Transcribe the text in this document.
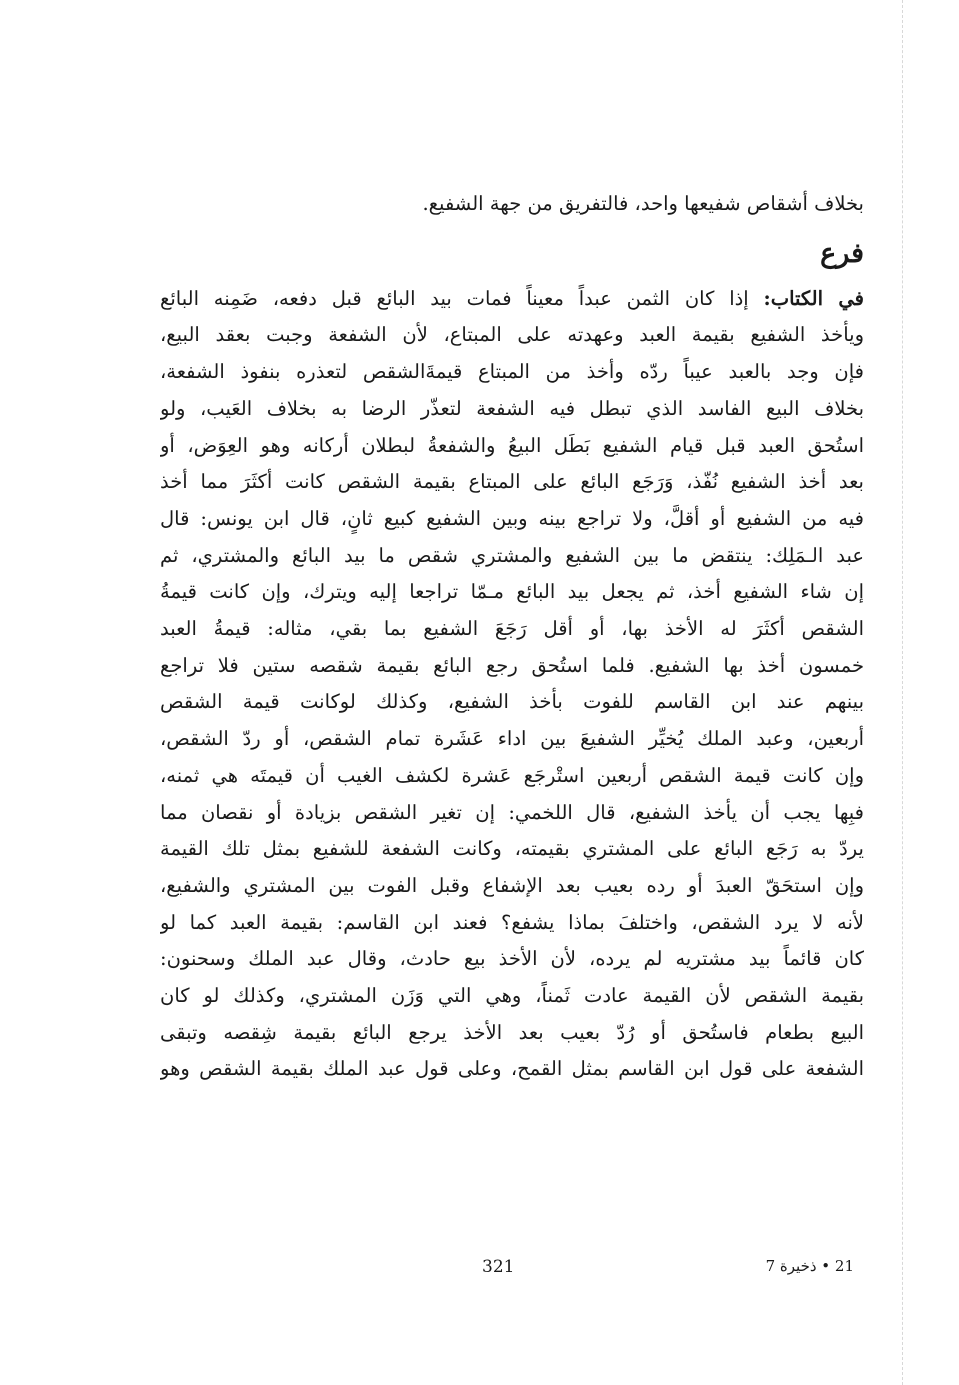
بخلاف أشقاص شفيعها واحد، فالتفريق من جهة الشفيع.
فرع
في الكتاب: إذا كان الثمن عبداً معيناً فمات بيد البائع قبل دفعه، ضَمِنه البائع
ويأخذ الشفيع بقيمة العبد وعهدته على المبتاع، لأن الشفعة وجبت بعقد البيع،
فإن وجد بالعبد عيباً ردّه وأخذ من المبتاع قيمةَالشقص لتعذره بنفوذ الشفعة،
بخلاف البيع الفاسد الذي تبطل فيه الشفعة لتعذّر الرضا به بخلاف العَيب، ولو
استُحق العبد قبل قيام الشفيع بَطَل البيعُ والشفعةُ لبطلان أركانه وهو العِوَض، أو
بعد أخذ الشفيع نُفّذ، وَرَجَع البائع على المبتاع بقيمة الشقص كانت أكثَرَ مما أخذ
فيه من الشفيع أو أقلَّ، ولا تراجع بينه وبين الشفيع كبيع ثانٍ، قال ابن يونس: قال
عبد الـمَلِك: ينتقض ما بين الشفيع والمشتري شقص ما بيد البائع والمشتري، ثم
إن شاء الشفيع أخذ، ثم يجعل بيد البائع مـمّا تراجعا إليه ويترك، وإن كانت قيمةُ
الشقص أكثَرَ له الأخذ بها، أو أقل رَجَعَ الشفيع بما بقي، مثاله: قيمةُ العبد
خمسون أخذ بها الشفيع. فلما استُحق رجع البائع بقيمة شقصه ستين فلا تراجع
بينهم عند ابن القاسم للفوت بأخذ الشفيع، وكذلك لوكانت قيمة الشقص
أربعين، وعبد الملك يُخيِّر الشفيعَ بين اداء عَشَرة تمام الشقص، أو ردّ الشقص،
وإن كانت قيمة الشقص أربعين استْرجَع عَشرة لكشف الغيب أن قيمتَه هي ثمنه،
فبِها يجب أن يأخذ الشفيع، قال اللخمي: إن تغير الشقص بزيادة أو نقصان مما
يردّ به رَجَع البائع على المشتري بقيمته، وكانت الشفعة للشفيع بمثل تلك القيمة
وإن استحَقّ العبدَ أو رده بعيب بعد الإشفاع وقبل الفوت بين المشتري والشفيع،
لأنه لا يرد الشقص، واختلفَ بماذا يشفع؟ فعند ابن القاسم: بقيمة العبد كما لو
كان قائماً بيد مشتريه لم يرده، لأن الأخذ بيع حادث، وقال عبد الملك وسحنون:
بقيمة الشقص لأن القيمة عادت ثَمناً، وهي التي وَزَن المشتري، وكذلك لو كان
البيع بطعام فاستُحق أو رُدّ بعيب بعد الأخذ يرجع البائع بقيمة شِقصه وتبقى
الشفعة على قول ابن القاسم بمثل القمح، وعلى قول عبد الملك بقيمة الشقص وهو
321	21 • ذخيرة 7
